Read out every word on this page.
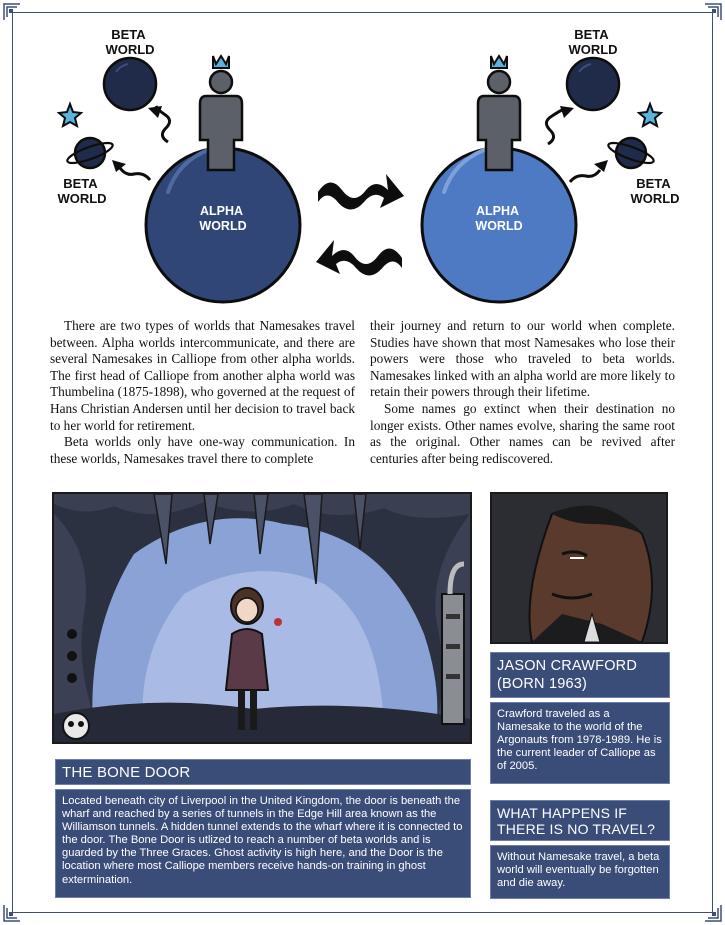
BETA WORLD
BETA WORLD
ALPHA WORLD
BETA WORLD
BETA WORLD
ALPHA WORLD

There are two types of worlds that Namesakes travel between. Alpha worlds intercommunicate, and there are several Namesakes in Calliope from other alpha worlds. The first head of Calliope from another alpha world was Thumbelina (1875-1898), who governed at the request of Hans Christian Andersen until her decision to travel back to her world for retirement.

Beta worlds only have one-way communication. In these worlds, Namesakes travel there to complete

their journey and return to our world when complete. Studies have shown that most Namesakes who lose their powers were those who traveled to beta worlds. Namesakes linked with an alpha world are more likely to retain their powers through their lifetime.

Some names go extinct when their destination no longer exists. Other names evolve, sharing the same root as the original. Other names can be revived after centuries after being rediscovered.

THE BONE DOOR
Located beneath city of Liverpool in the United Kingdom, the door is beneath the wharf and reached by a series of tunnels in the Edge Hill area known as the Williamson tunnels. A hidden tunnel extends to the wharf where it is connected to the door. The Bone Door is utlized to reach a number of beta worlds and is guarded by the Three Graces. Ghost activity is high here, and the Door is the location where most Calliope members receive hands-on training in ghost extermination.
JASON CRAWFORD (BORN 1963)
Crawford traveled as a Namesake to the world of the Argonauts from 1978-1989. He is the current leader of Calliope as of 2005.
WHAT HAPPENS IF THERE IS NO TRAVEL?
Without Namesake travel, a beta world will eventually be forgotten and die away.
